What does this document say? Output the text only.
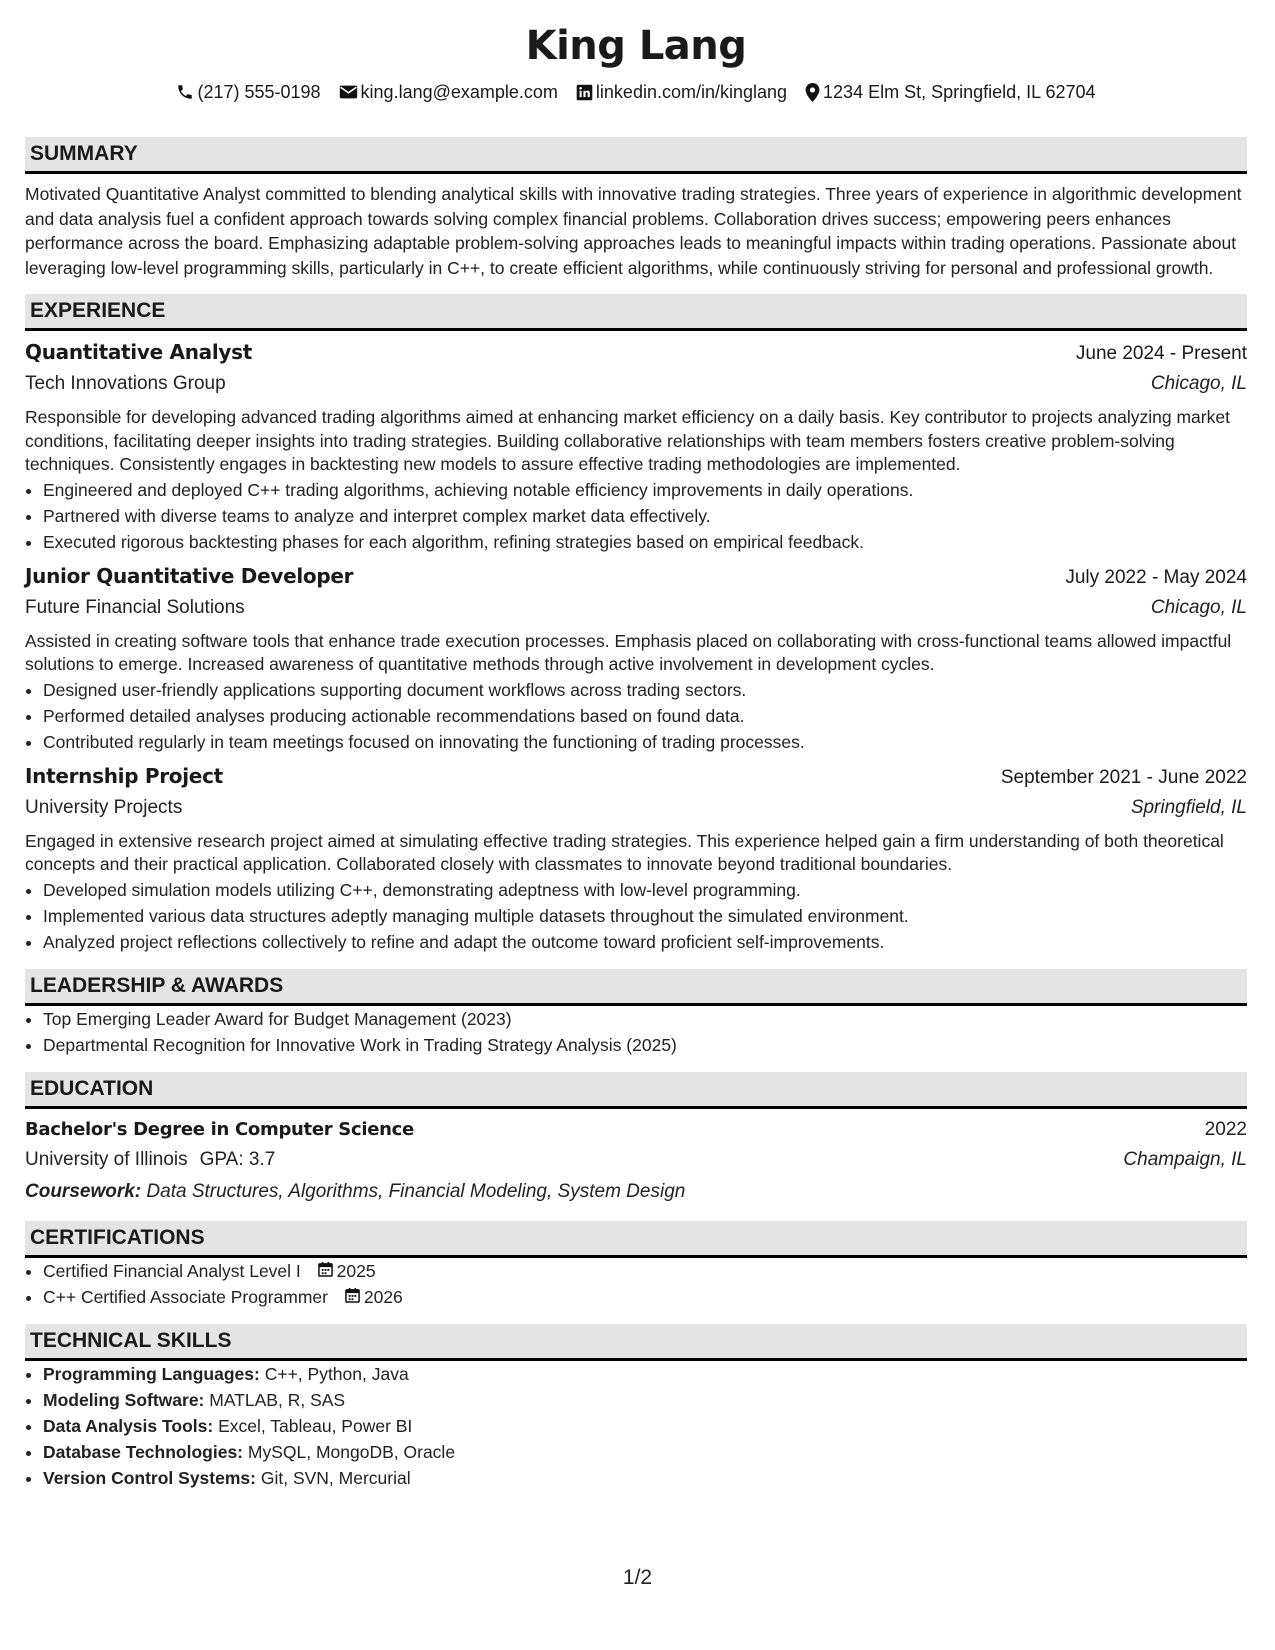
King Lang
(217) 555-0198 king.lang@example.com linkedin.com/in/kinglang 1234 Elm St, Springfield, IL 62704
SUMMARY

Motivated Quantitative Analyst committed to blending analytical skills with innovative trading strategies. Three years of experience in algorithmic development and data analysis fuel a confident approach towards solving complex financial problems. Collaboration drives success; empowering peers enhances performance across the board. Emphasizing adaptable problem-solving approaches leads to meaningful impacts within trading operations. Passionate about leveraging low-level programming skills, particularly in C++, to create efficient algorithms, while continuously striving for personal and professional growth.

EXPERIENCE
Quantitative Analyst	June 2024 - Present
Tech Innovations Group	Chicago, IL

Responsible for developing advanced trading algorithms aimed at enhancing market efficiency on a daily basis. Key contributor to projects analyzing market conditions, facilitating deeper insights into trading strategies. Building collaborative relationships with team members fosters creative problem-solving techniques. Consistently engages in backtesting new models to assure effective trading methodologies are implemented.

• Engineered and deployed C++ trading algorithms, achieving notable efficiency improvements in daily operations.
• Partnered with diverse teams to analyze and interpret complex market data effectively.
• Executed rigorous backtesting phases for each algorithm, refining strategies based on empirical feedback.
Junior Quantitative Developer	July 2022 - May 2024
Future Financial Solutions	Chicago, IL

Assisted in creating software tools that enhance trade execution processes. Emphasis placed on collaborating with cross-functional teams allowed impactful solutions to emerge. Increased awareness of quantitative methods through active involvement in development cycles.

• Designed user-friendly applications supporting document workflows across trading sectors.
• Performed detailed analyses producing actionable recommendations based on found data.
• Contributed regularly in team meetings focused on innovating the functioning of trading processes.
Internship Project	September 2021 - June 2022
University Projects	Springfield, IL

Engaged in extensive research project aimed at simulating effective trading strategies. This experience helped gain a firm understanding of both theoretical concepts and their practical application. Collaborated closely with classmates to innovate beyond traditional boundaries.

• Developed simulation models utilizing C++, demonstrating adeptness with low-level programming.
• Implemented various data structures adeptly managing multiple datasets throughout the simulated environment.
• Analyzed project reflections collectively to refine and adapt the outcome toward proficient self-improvements.
LEADERSHIP & AWARDS
• Top Emerging Leader Award for Budget Management (2023)
• Departmental Recognition for Innovative Work in Trading Strategy Analysis (2025)
EDUCATION
Bachelor's Degree in Computer Science	2022
University of Illinois GPA: 3.7	Champaign, IL
Coursework: Data Structures, Algorithms, Financial Modeling, System Design
CERTIFICATIONS
• Certified Financial Analyst Level I 2025
• C++ Certified Associate Programmer 2026
TECHNICAL SKILLS
• Programming Languages: C++, Python, Java
• Modeling Software: MATLAB, R, SAS
• Data Analysis Tools: Excel, Tableau, Power BI
• Database Technologies: MySQL, MongoDB, Oracle
• Version Control Systems: Git, SVN, Mercurial
1/2
